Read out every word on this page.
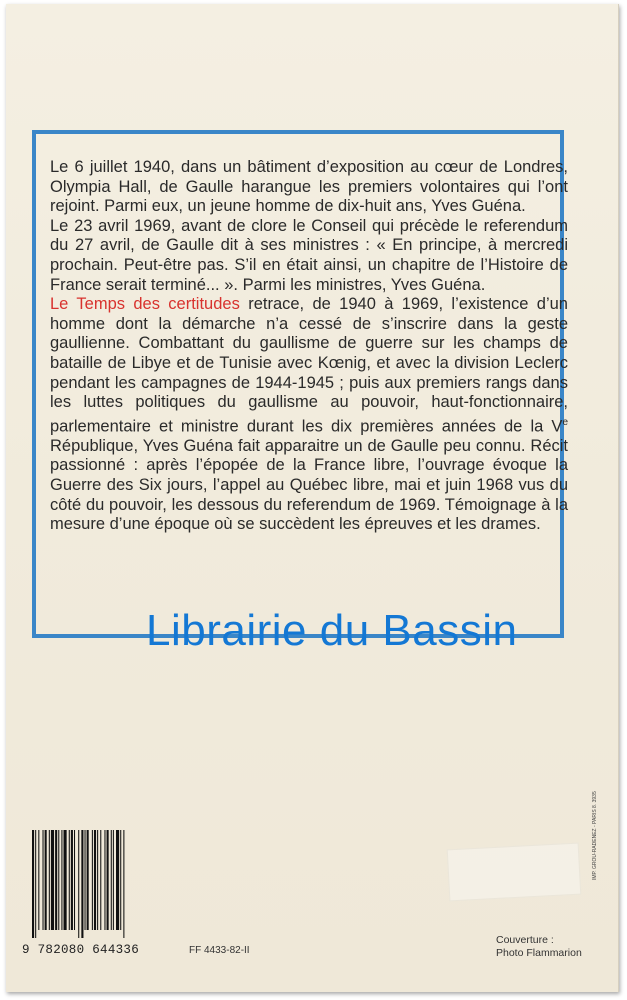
Le 6 juillet 1940, dans un bâtiment d’exposition au cœur de Londres, Olympia Hall, de Gaulle harangue les premiers volontaires qui l’ont rejoint. Parmi eux, un jeune homme de dix-huit ans, Yves Guéna.

Le 23 avril 1969, avant de clore le Conseil qui précède le referendum du 27 avril, de Gaulle dit à ses ministres : « En principe, à mercredi prochain. Peut-être pas. S’il en était ainsi, un chapitre de l’Histoire de France serait terminé... ». Parmi les ministres, Yves Guéna.

Le Temps des certitudes retrace, de 1940 à 1969, l’existence d’un homme dont la démarche n’a cessé de s’inscrire dans la geste gaullienne. Combattant du gaullisme de guerre sur les champs de bataille de Libye et de Tunisie avec Kœnig, et avec la division Leclerc pendant les campagnes de 1944-1945 ; puis aux premiers rangs dans les luttes politiques du gaullisme au pouvoir, haut-fonctionnaire, parlementaire et ministre durant les dix premières années de la Ve République, Yves Guéna fait apparaitre un de Gaulle peu connu. Récit passionné : après l’épopée de la France libre, l’ouvrage évoque la Guerre des Six jours, l’appel au Québec libre, mai et juin 1968 vus du côté du pouvoir, les dessous du referendum de 1969. Témoignage à la mesure d’une époque où se succèdent les épreuves et les drames.

Librairie du Bassin
9 782080 644336	FF 4433-82-II
Couverture :
Photo Flammarion
IMP. GROU-RADENEZ - PARIS 8. 3935
